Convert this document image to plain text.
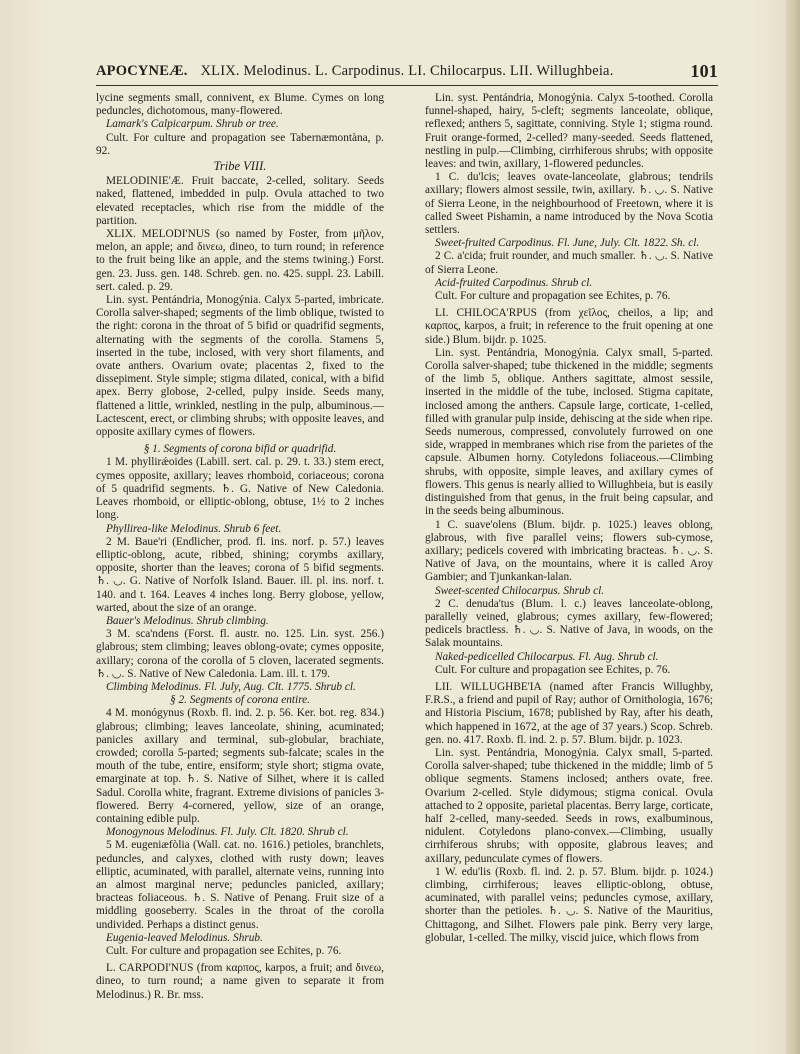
APOCYNEÆ. XLIX. Melodinus. L. Carpodinus. LI. Chilocarpus. LII. Willughbeia.	101

lycine segments small, connivent, ex Blume. Cymes on long peduncles, dichotomous, many-flowered.

Lamark's Calpicarpum. Shrub or tree.

Cult. For culture and propagation see Tabernæmontàna, p. 92.

Tribe VIII.

MELODINIE'Æ. Fruit baccate, 2-celled, solitary. Seeds naked, flattened, imbedded in pulp. Ovula attached to two elevated receptacles, which rise from the middle of the partition.

XLIX. MELODI'NUS (so named by Foster, from μῆλον, melon, an apple; and δινεω, dineo, to turn round; in reference to the fruit being like an apple, and the stems twining.) Forst. gen. 23. Juss. gen. 148. Schreb. gen. no. 425. suppl. 23. Labill. sert. caled. p. 29.

Lin. syst. Pentándria, Monogýnia. Calyx 5-parted, imbricate. Corolla salver-shaped; segments of the limb oblique, twisted to the right: corona in the throat of 5 bifid or quadrifid segments, alternating with the segments of the corolla. Stamens 5, inserted in the tube, inclosed, with very short filaments, and ovate anthers. Ovarium ovate; placentas 2, fixed to the dissepiment. Style simple; stigma dilated, conical, with a bifid apex. Berry globose, 2-celled, pulpy inside. Seeds many, flattened a little, wrinkled, nestling in the pulp, albuminous.—Lactescent, erect, or climbing shrubs; with opposite leaves, and opposite axillary cymes of flowers.

§ 1. Segments of corona bifid or quadrifid.

1 M. phyllirǽoides (Labill. sert. cal. p. 29. t. 33.) stem erect, cymes opposite, axillary; leaves rhomboid, coriaceous; corona of 5 quadrifid segments. ♄. G. Native of New Caledonia. Leaves rhomboid, or elliptic-oblong, obtuse, 1½ to 2 inches long.

Phyllirea-like Melodinus. Shrub 6 feet.

2 M. Baue'ri (Endlicher, prod. fl. ins. norf. p. 57.) leaves elliptic-oblong, acute, ribbed, shining; corymbs axillary, opposite, shorter than the leaves; corona of 5 bifid segments. ♄. ◡. G. Native of Norfolk Island. Bauer. ill. pl. ins. norf. t. 140. and t. 164. Leaves 4 inches long. Berry globose, yellow, warted, about the size of an orange.

Bauer's Melodinus. Shrub climbing.

3 M. sca'ndens (Forst. fl. austr. no. 125. Lin. syst. 256.) glabrous; stem climbing; leaves oblong-ovate; cymes opposite, axillary; corona of the corolla of 5 cloven, lacerated segments. ♄. ◡. S. Native of New Caledonia. Lam. ill. t. 179.

Climbing Melodinus. Fl. July, Aug. Clt. 1775. Shrub cl.

§ 2. Segments of corona entire.

4 M. monógynus (Roxb. fl. ind. 2. p. 56. Ker. bot. reg. 834.) glabrous; climbing; leaves lanceolate, shining, acuminated; panicles axillary and terminal, sub-globular, brachiate, crowded; corolla 5-parted; segments sub-falcate; scales in the mouth of the tube, entire, ensiform; style short; stigma ovate, emarginate at top. ♄. S. Native of Silhet, where it is called Sadul. Corolla white, fragrant. Extreme divisions of panicles 3-flowered. Berry 4-cornered, yellow, size of an orange, containing edible pulp.

Monogynous Melodinus. Fl. July. Clt. 1820. Shrub cl.

5 M. eugeniæfòlia (Wall. cat. no. 1616.) petioles, branchlets, peduncles, and calyxes, clothed with rusty down; leaves elliptic, acuminated, with parallel, alternate veins, running into an almost marginal nerve; peduncles panicled, axillary; bracteas foliaceous. ♄. S. Native of Penang. Fruit size of a middling gooseberry. Scales in the throat of the corolla undivided. Perhaps a distinct genus.

Eugenia-leaved Melodinus. Shrub.

Cult. For culture and propagation see Echites, p. 76.

L. CARPODI'NUS (from καρπος, karpos, a fruit; and δινεω, dineo, to turn round; a name given to separate it from Melodinus.) R. Br. mss.

Lin. syst. Pentándria, Monogýnia. Calyx 5-toothed. Corolla funnel-shaped, hairy, 5-cleft; segments lanceolate, oblique, reflexed; anthers 5, sagittate, conniving. Style 1; stigma round. Fruit orange-formed, 2-celled? many-seeded. Seeds flattened, nestling in pulp.—Climbing, cirrhiferous shrubs; with opposite leaves: and twin, axillary, 1-flowered peduncles.

1 C. du'lcis; leaves ovate-lanceolate, glabrous; tendrils axillary; flowers almost sessile, twin, axillary. ♄. ◡. S. Native of Sierra Leone, in the neighbourhood of Freetown, where it is called Sweet Pishamin, a name introduced by the Nova Scotia settlers.

Sweet-fruited Carpodinus. Fl. June, July. Clt. 1822. Sh. cl.

2 C. a'cida; fruit rounder, and much smaller. ♄. ◡. S. Native of Sierra Leone.

Acid-fruited Carpodinus. Shrub cl.

Cult. For culture and propagation see Echites, p. 76.

LI. CHILOCA'RPUS (from χεῖλος, cheilos, a lip; and καρπος, karpos, a fruit; in reference to the fruit opening at one side.) Blum. bijdr. p. 1025.

Lin. syst. Pentándria, Monogýnia. Calyx small, 5-parted. Corolla salver-shaped; tube thickened in the middle; segments of the limb 5, oblique. Anthers sagittate, almost sessile, inserted in the middle of the tube, inclosed. Stigma capitate, inclosed among the anthers. Capsule large, corticate, 1-celled, filled with granular pulp inside, dehiscing at the side when ripe. Seeds numerous, compressed, convolutely furrowed on one side, wrapped in membranes which rise from the parietes of the capsule. Albumen horny. Cotyledons foliaceous.—Climbing shrubs, with opposite, simple leaves, and axillary cymes of flowers. This genus is nearly allied to Willughbeia, but is easily distinguished from that genus, in the fruit being capsular, and in the seeds being albuminous.

1 C. suave'olens (Blum. bijdr. p. 1025.) leaves oblong, glabrous, with five parallel veins; flowers sub-cymose, axillary; pedicels covered with imbricating bracteas. ♄. ◡. S. Native of Java, on the mountains, where it is called Aroy Gambier; and Tjunkankan-lalan.

Sweet-scented Chilocarpus. Shrub cl.

2 C. denuda'tus (Blum. l. c.) leaves lanceolate-oblong, parallelly veined, glabrous; cymes axillary, few-flowered; pedicels bractless. ♄. ◡. S. Native of Java, in woods, on the Salak mountains.

Naked-pedicelled Chilocarpus. Fl. Aug. Shrub cl.

Cult. For culture and propagation see Echites, p. 76.

LII. WILLUGHBE'IA (named after Francis Willughby, F.R.S., a friend and pupil of Ray; author of Ornithologia, 1676; and Historia Piscium, 1678; published by Ray, after his death, which happened in 1672, at the age of 37 years.) Scop. Schreb. gen. no. 417. Roxb. fl. ind. 2. p. 57. Blum. bijdr. p. 1023.

Lin. syst. Pentándria, Monogýnia. Calyx small, 5-parted. Corolla salver-shaped; tube thickened in the middle; limb of 5 oblique segments. Stamens inclosed; anthers ovate, free. Ovarium 2-celled. Style didymous; stigma conical. Ovula attached to 2 opposite, parietal placentas. Berry large, corticate, half 2-celled, many-seeded. Seeds in rows, exalbuminous, nidulent. Cotyledons plano-convex.—Climbing, usually cirrhiferous shrubs; with opposite, glabrous leaves; and axillary, pedunculate cymes of flowers.

1 W. edu'lis (Roxb. fl. ind. 2. p. 57. Blum. bijdr. p. 1024.) climbing, cirrhiferous; leaves elliptic-oblong, obtuse, acuminated, with parallel veins; peduncles cymose, axillary, shorter than the petioles. ♄. ◡. S. Native of the Mauritius, Chittagong, and Silhet. Flowers pale pink. Berry very large, globular, 1-celled. The milky, viscid juice, which flows from
